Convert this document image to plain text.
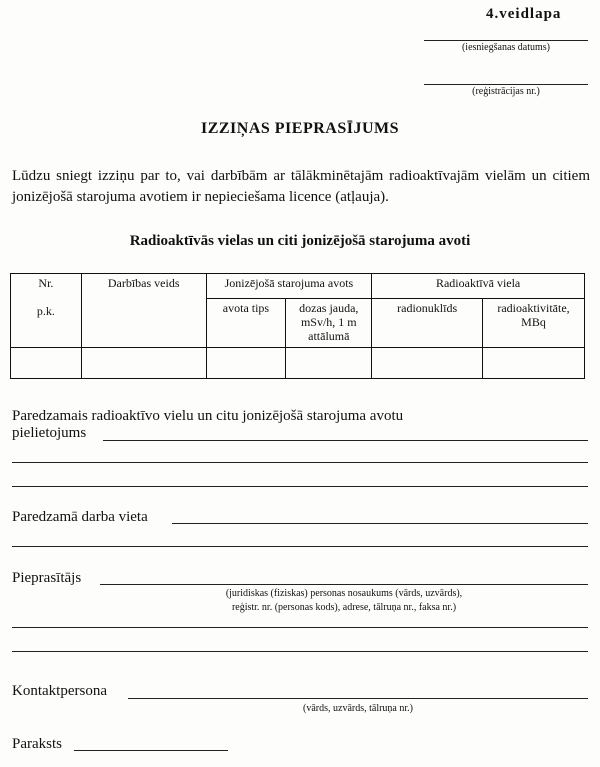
4.veidlapa
(iesniegšanas datums)
(reģistrācijas nr.)
IZZIŅAS PIEPRASĪJUMS
Lūdzu sniegt izziņu par to, vai darbībām ar tālākminētajām radioaktīvajām vielām un citiem jonizējošā starojuma avotiem ir nepieciešama licence (atļauja).
Radioaktīvās vielas un citi jonizējošā starojuma avoti
Nr.
p.k.	Darbības veids	Jonizējošā starojuma avots		Radioaktīvā viela	
		avota tips	dozas jauda, mSv/h, 1 m attālumā	radionuklīds	radioaktivitāte, MBq

Paredzamais radioaktīvo vielu un citu jonizējošā starojuma avotu
pielietojums
Paredzamā darba vieta
Pieprasītājs
(juridiskas (fiziskas) personas nosaukums (vārds, uzvārds),
reģistr. nr. (personas kods), adrese, tālruņa nr., faksa nr.)
Kontaktpersona
(vārds, uzvārds, tālruņa nr.)
Paraksts
